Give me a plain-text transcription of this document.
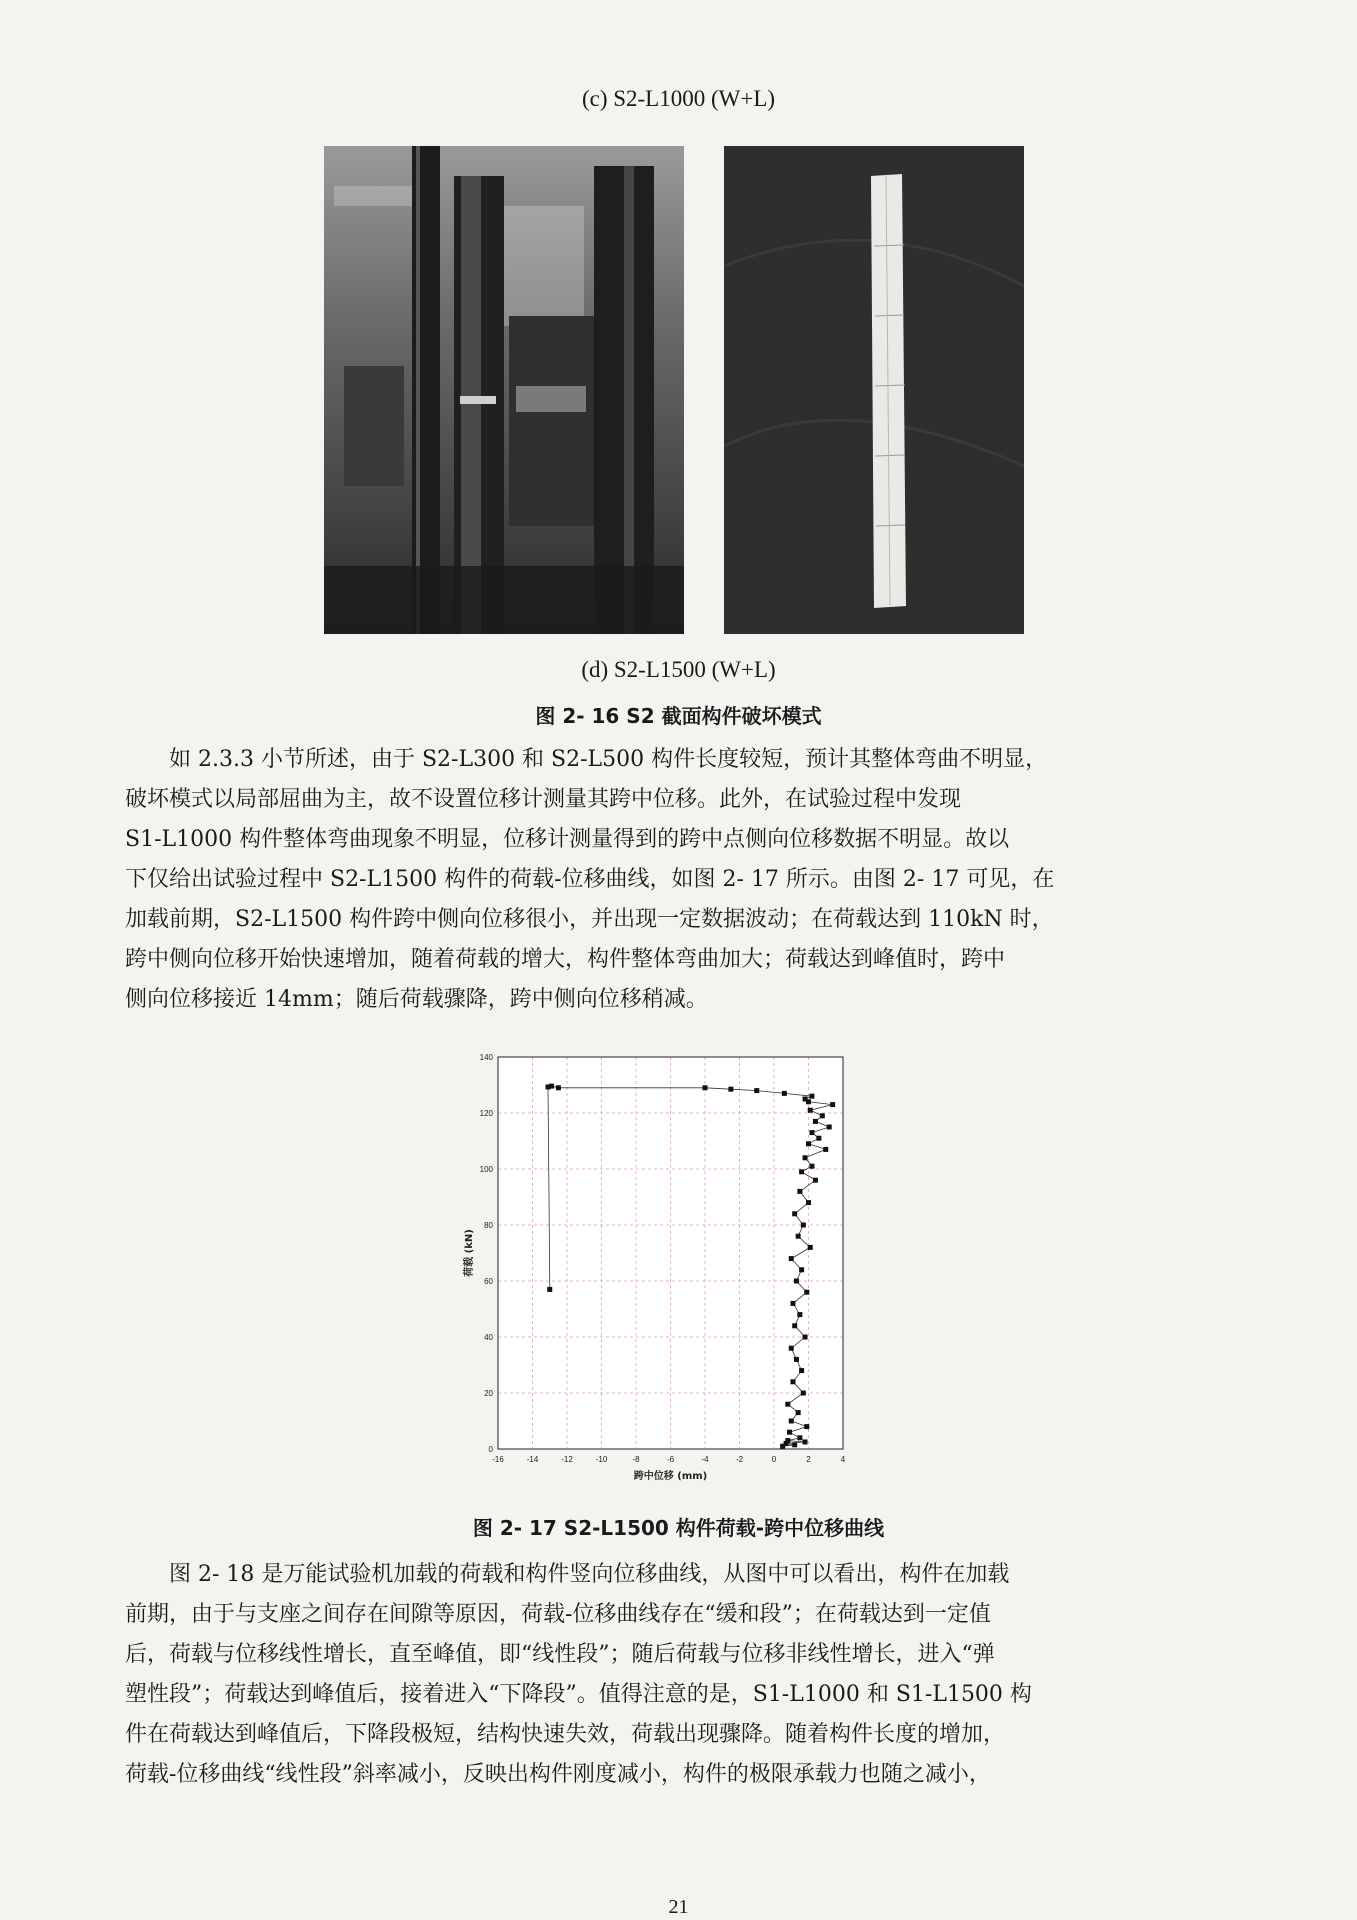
(c) S2-L1000 (W+L)
(d) S2-L1500 (W+L)
图 2- 16 S2 截面构件破坏模式
如 2.3.3 小节所述，由于 S2-L300 和 S2-L500 构件长度较短，预计其整体弯曲不明显，
破坏模式以局部屈曲为主，故不设置位移计测量其跨中位移。此外，在试验过程中发现
S1-L1000 构件整体弯曲现象不明显，位移计测量得到的跨中点侧向位移数据不明显。故以
下仅给出试验过程中 S2-L1500 构件的荷载-位移曲线，如图 2- 17 所示。由图 2- 17 可见，在
加载前期，S2-L1500 构件跨中侧向位移很小，并出现一定数据波动；在荷载达到 110kN 时，
跨中侧向位移开始快速增加，随着荷载的增大，构件整体弯曲加大；荷载达到峰值时，跨中
侧向位移接近 14mm；随后荷载骤降，跨中侧向位移稍减。
-16	-14	-12	-10	-8	-6	-4	-2	0	2	4
0
20
40
60
80
100
120
140
跨中位移 (mm)
荷载 (kN)
图 2- 17 S2-L1500 构件荷载-跨中位移曲线
图 2- 18 是万能试验机加载的荷载和构件竖向位移曲线，从图中可以看出，构件在加载
前期，由于与支座之间存在间隙等原因，荷载-位移曲线存在“缓和段”；在荷载达到一定值
后，荷载与位移线性增长，直至峰值，即“线性段”；随后荷载与位移非线性增长，进入“弹
塑性段”；荷载达到峰值后，接着进入“下降段”。值得注意的是，S1-L1000 和 S1-L1500 构
件在荷载达到峰值后，下降段极短，结构快速失效，荷载出现骤降。随着构件长度的增加，
荷载-位移曲线“线性段”斜率减小，反映出构件刚度减小，构件的极限承载力也随之减小，
21
